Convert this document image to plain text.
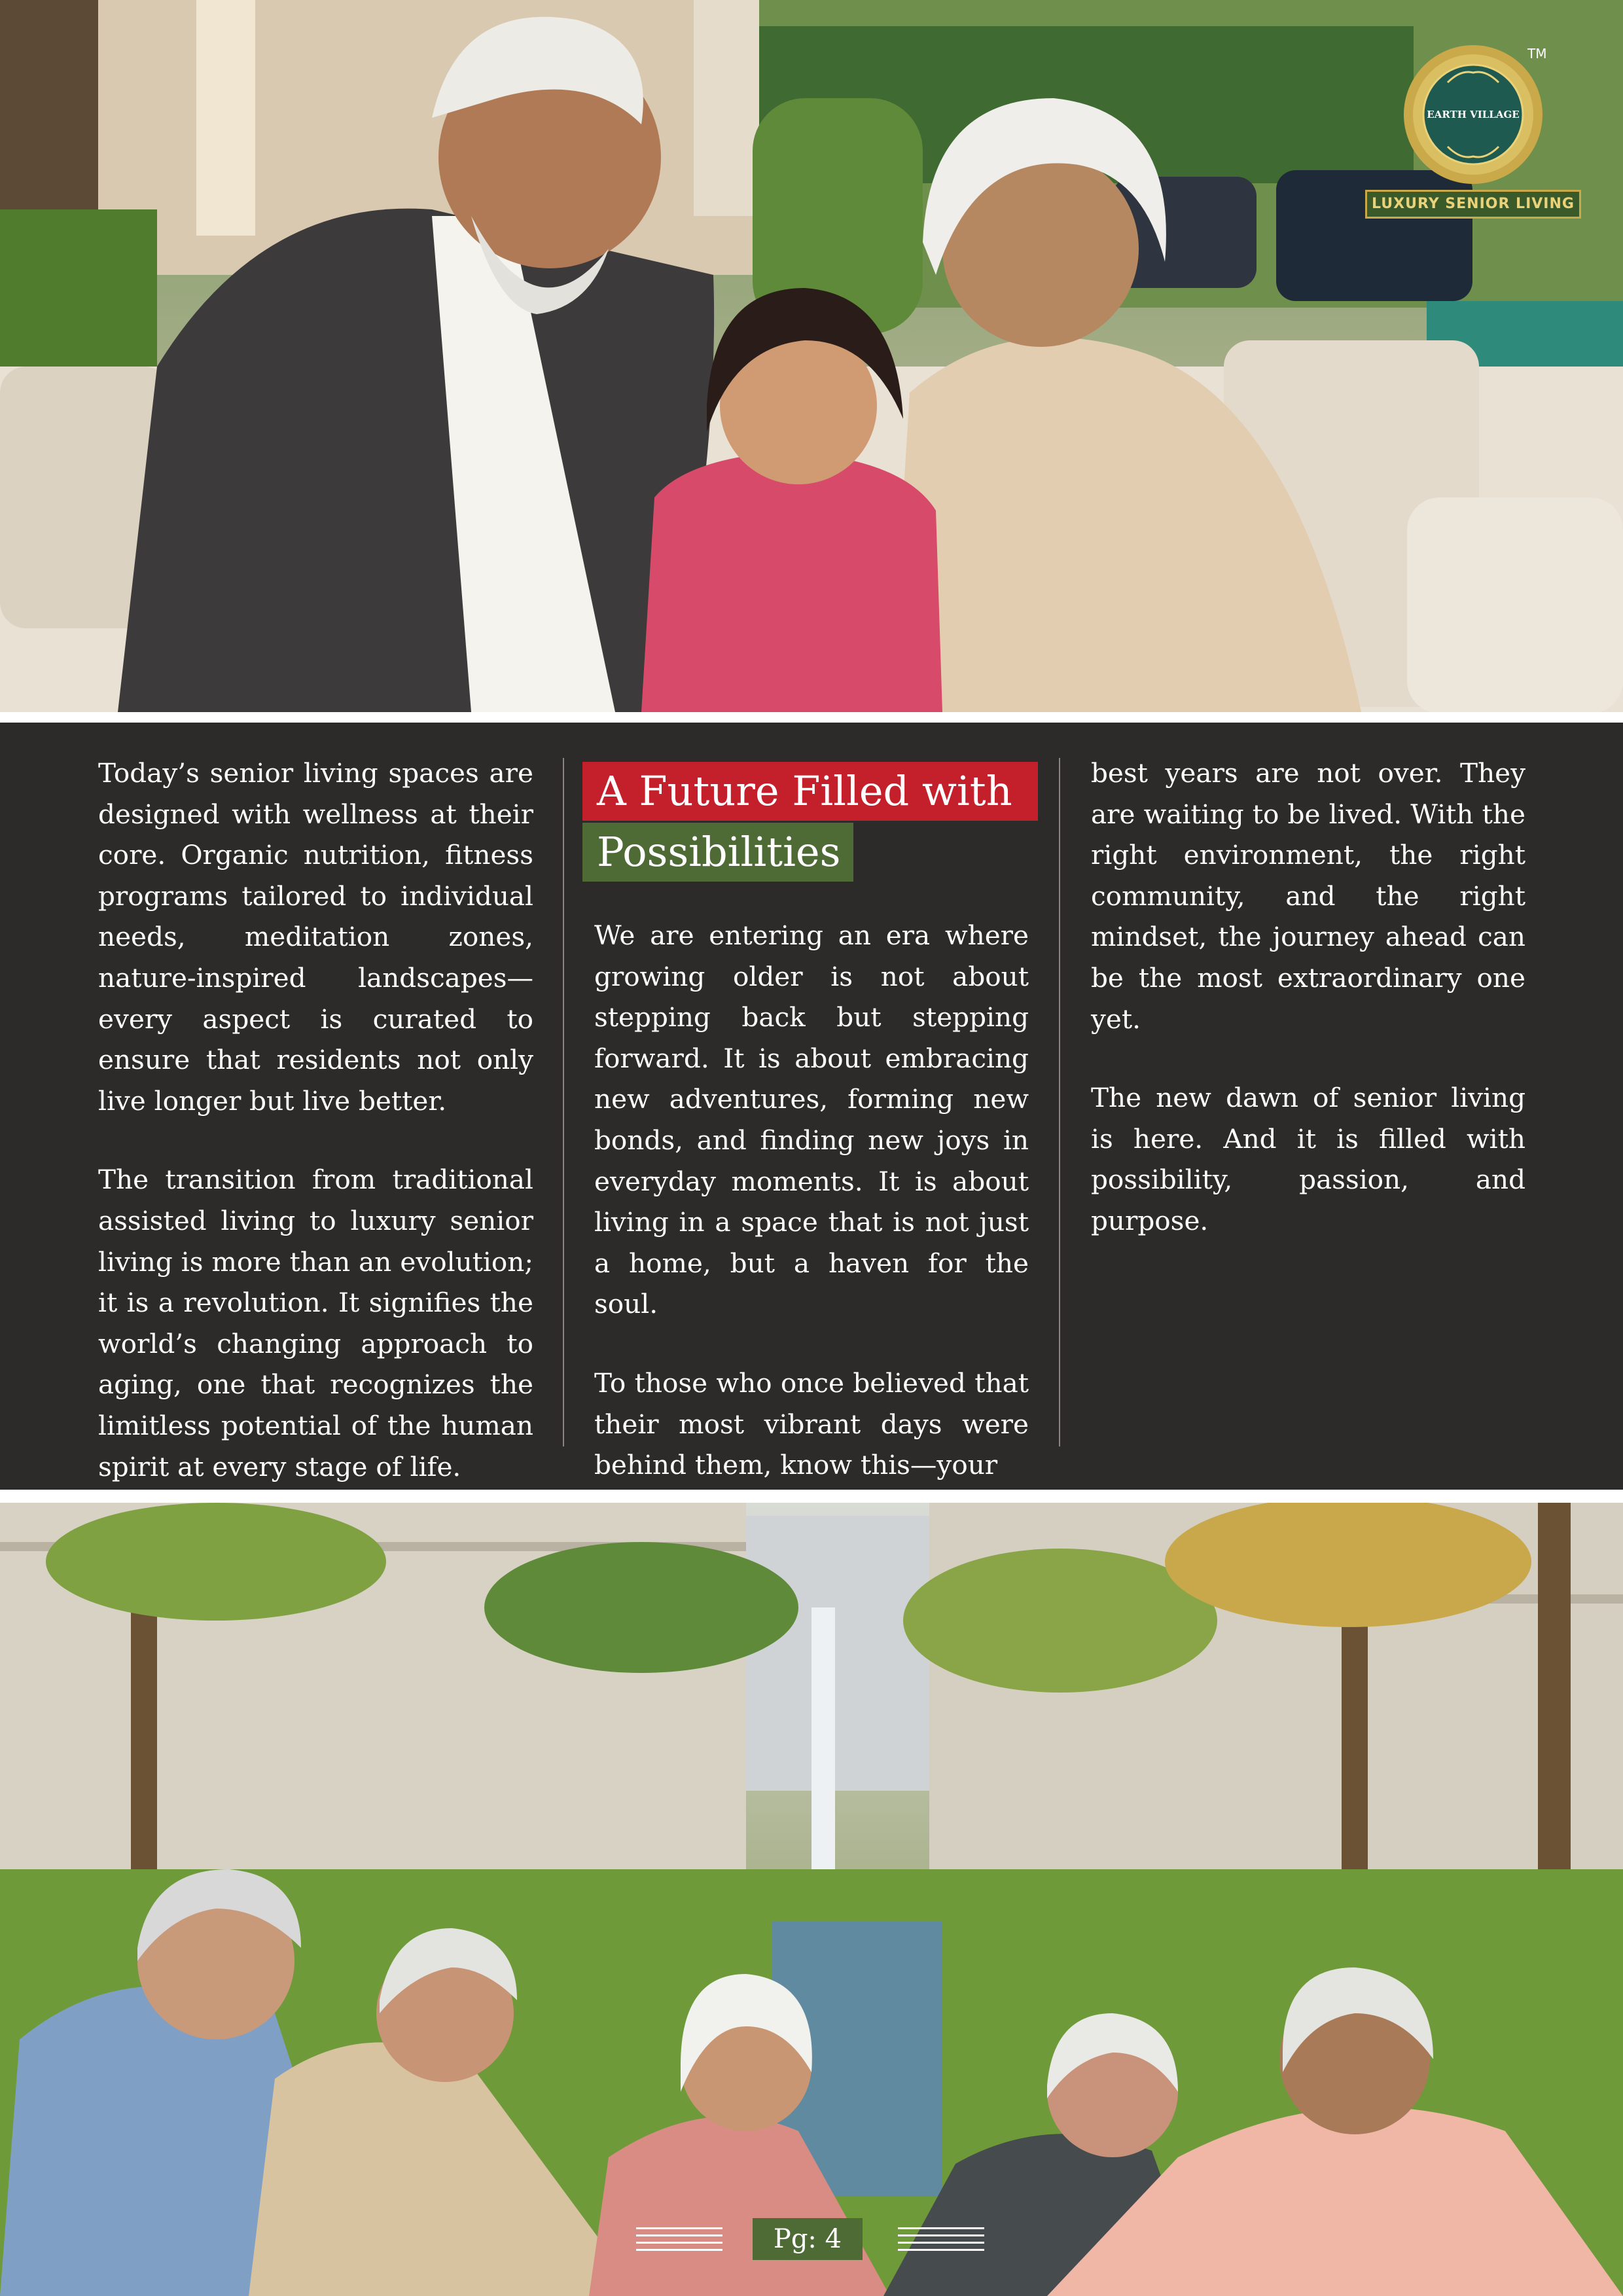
EARTH VILLAGE
TM
LUXURY SENIOR LIVING

Today’s senior living spaces are designed with wellness at their core. Organic nutrition, fitness programs tailored to individual needs, meditation zones, nature-inspired landscapes—every aspect is curated to ensure that residents not only live longer but live better.

The transition from traditional assisted living to luxury senior living is more than an evolution; it is a revolution. It signifies the world’s changing approach to aging, one that recognizes the limitless potential of the human spirit at every stage of life.

A Future Filled with
Possibilities

We are entering an era where growing older is not about stepping back but stepping forward. It is about embracing new adventures, forming new bonds, and finding new joys in everyday moments. It is about living in a space that is not just a home, but a haven for the soul.

To those who once believed that their most vibrant days were behind them, know this—your

best years are not over. They are waiting to be lived. With the right environment, the right community, and the right mindset, the journey ahead can be the most extraordinary one yet.

The new dawn of senior living is here. And it is filled with possibility, passion, and purpose.

Pg: 4
